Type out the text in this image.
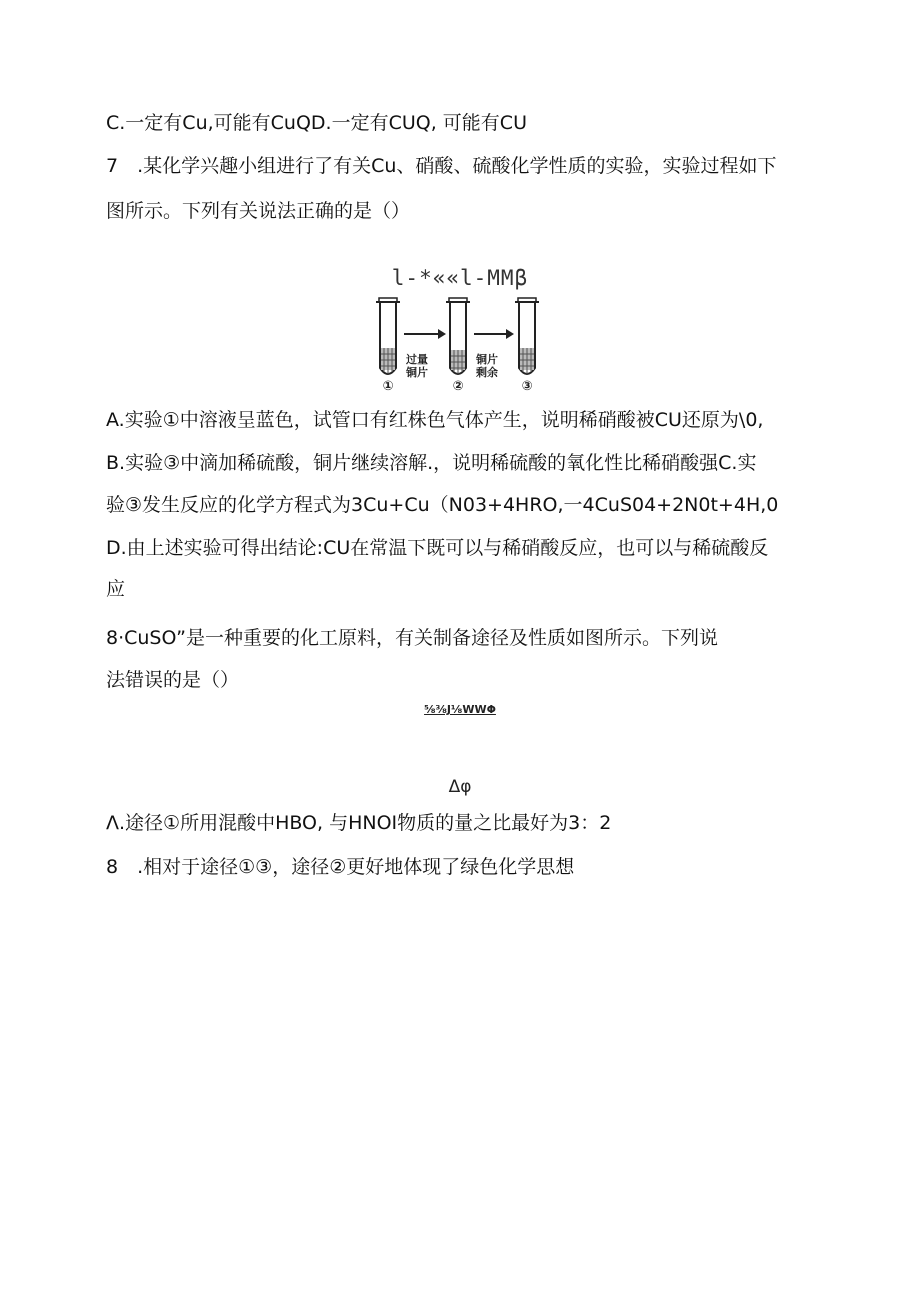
C.一定有Cu,可能有CuQD.一定有CUQ, 可能有CU
7　.某化学兴趣小组进行了有关Cu、硝酸、硫酸化学性质的实验，实验过程如下
图所示。下列有关说法正确的是（）
l-*««l-MMβ
过量
铜片
铜片
剩余
①	②	③
A.实验①中溶液呈蓝色，试管口有红株色气体产生，说明稀硝酸被CU还原为\0,
B.实验③中滴加稀硫酸，铜片继续溶解.，说明稀硫酸的氧化性比稀硝酸强C.实
验③发生反应的化学方程式为3Cu+Cu（N03+4HRO,一4CuS04+2N0t+4H,0
D.由上述实验可得出结论:CU在常温下既可以与稀硝酸反应，也可以与稀硫酸反
应
8·CuSO”是一种重要的化工原料，有关制备途径及性质如图所示。下列说
法错误的是（）
⅝⅜J⅛WWΦ
Δφ
Λ.途径①所用混酸中HBO, 与HNOI物质的量之比最好为3：2
8　.相对于途径①③，途径②更好地体现了绿色化学思想
